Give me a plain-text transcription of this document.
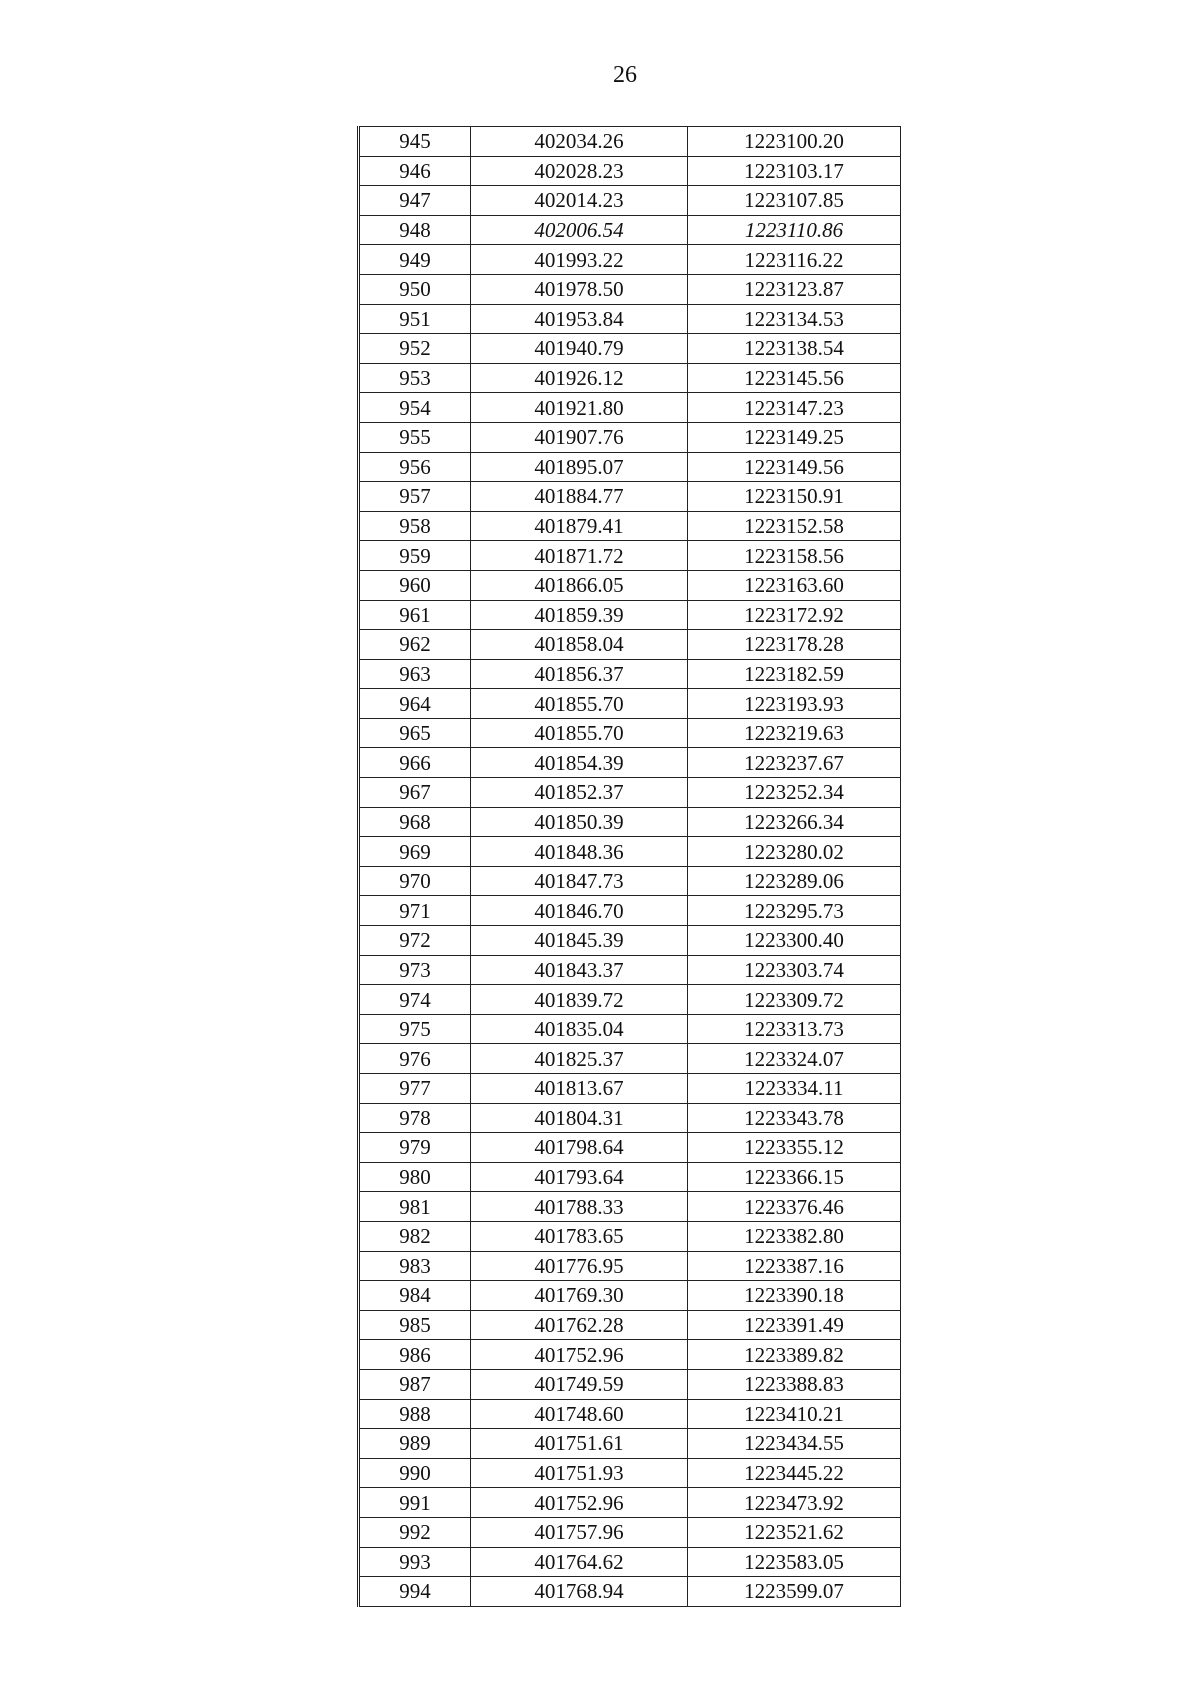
26
945	402034.26	1223100.20
946	402028.23	1223103.17
947	402014.23	1223107.85
948	402006.54	1223110.86
949	401993.22	1223116.22
950	401978.50	1223123.87
951	401953.84	1223134.53
952	401940.79	1223138.54
953	401926.12	1223145.56
954	401921.80	1223147.23
955	401907.76	1223149.25
956	401895.07	1223149.56
957	401884.77	1223150.91
958	401879.41	1223152.58
959	401871.72	1223158.56
960	401866.05	1223163.60
961	401859.39	1223172.92
962	401858.04	1223178.28
963	401856.37	1223182.59
964	401855.70	1223193.93
965	401855.70	1223219.63
966	401854.39	1223237.67
967	401852.37	1223252.34
968	401850.39	1223266.34
969	401848.36	1223280.02
970	401847.73	1223289.06
971	401846.70	1223295.73
972	401845.39	1223300.40
973	401843.37	1223303.74
974	401839.72	1223309.72
975	401835.04	1223313.73
976	401825.37	1223324.07
977	401813.67	1223334.11
978	401804.31	1223343.78
979	401798.64	1223355.12
980	401793.64	1223366.15
981	401788.33	1223376.46
982	401783.65	1223382.80
983	401776.95	1223387.16
984	401769.30	1223390.18
985	401762.28	1223391.49
986	401752.96	1223389.82
987	401749.59	1223388.83
988	401748.60	1223410.21
989	401751.61	1223434.55
990	401751.93	1223445.22
991	401752.96	1223473.92
992	401757.96	1223521.62
993	401764.62	1223583.05
994	401768.94	1223599.07
